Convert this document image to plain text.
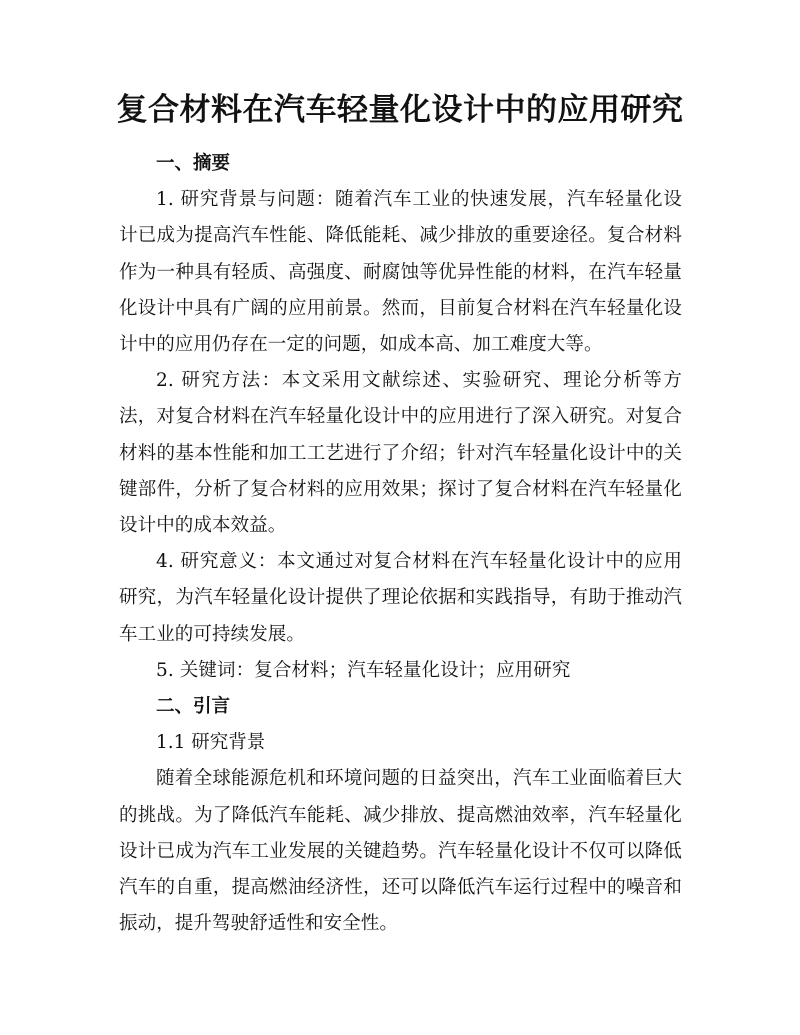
复合材料在汽车轻量化设计中的应用研究

一、摘要

1. 研究背景与问题：随着汽车工业的快速发展，汽车轻量化设计已成为提高汽车性能、降低能耗、减少排放的重要途径。复合材料作为一种具有轻质、高强度、耐腐蚀等优异性能的材料，在汽车轻量化设计中具有广阔的应用前景。然而，目前复合材料在汽车轻量化设计中的应用仍存在一定的问题，如成本高、加工难度大等。

2. 研究方法：本文采用文献综述、实验研究、理论分析等方法，对复合材料在汽车轻量化设计中的应用进行了深入研究。对复合材料的基本性能和加工工艺进行了介绍；针对汽车轻量化设计中的关键部件，分析了复合材料的应用效果；探讨了复合材料在汽车轻量化设计中的成本效益。

4. 研究意义：本文通过对复合材料在汽车轻量化设计中的应用研究，为汽车轻量化设计提供了理论依据和实践指导，有助于推动汽车工业的可持续发展。

5. 关键词：复合材料；汽车轻量化设计；应用研究

二、引言

1.1 研究背景

随着全球能源危机和环境问题的日益突出，汽车工业面临着巨大的挑战。为了降低汽车能耗、减少排放、提高燃油效率，汽车轻量化设计已成为汽车工业发展的关键趋势。汽车轻量化设计不仅可以降低汽车的自重，提高燃油经济性，还可以降低汽车运行过程中的噪音和振动，提升驾驶舒适性和安全性。
